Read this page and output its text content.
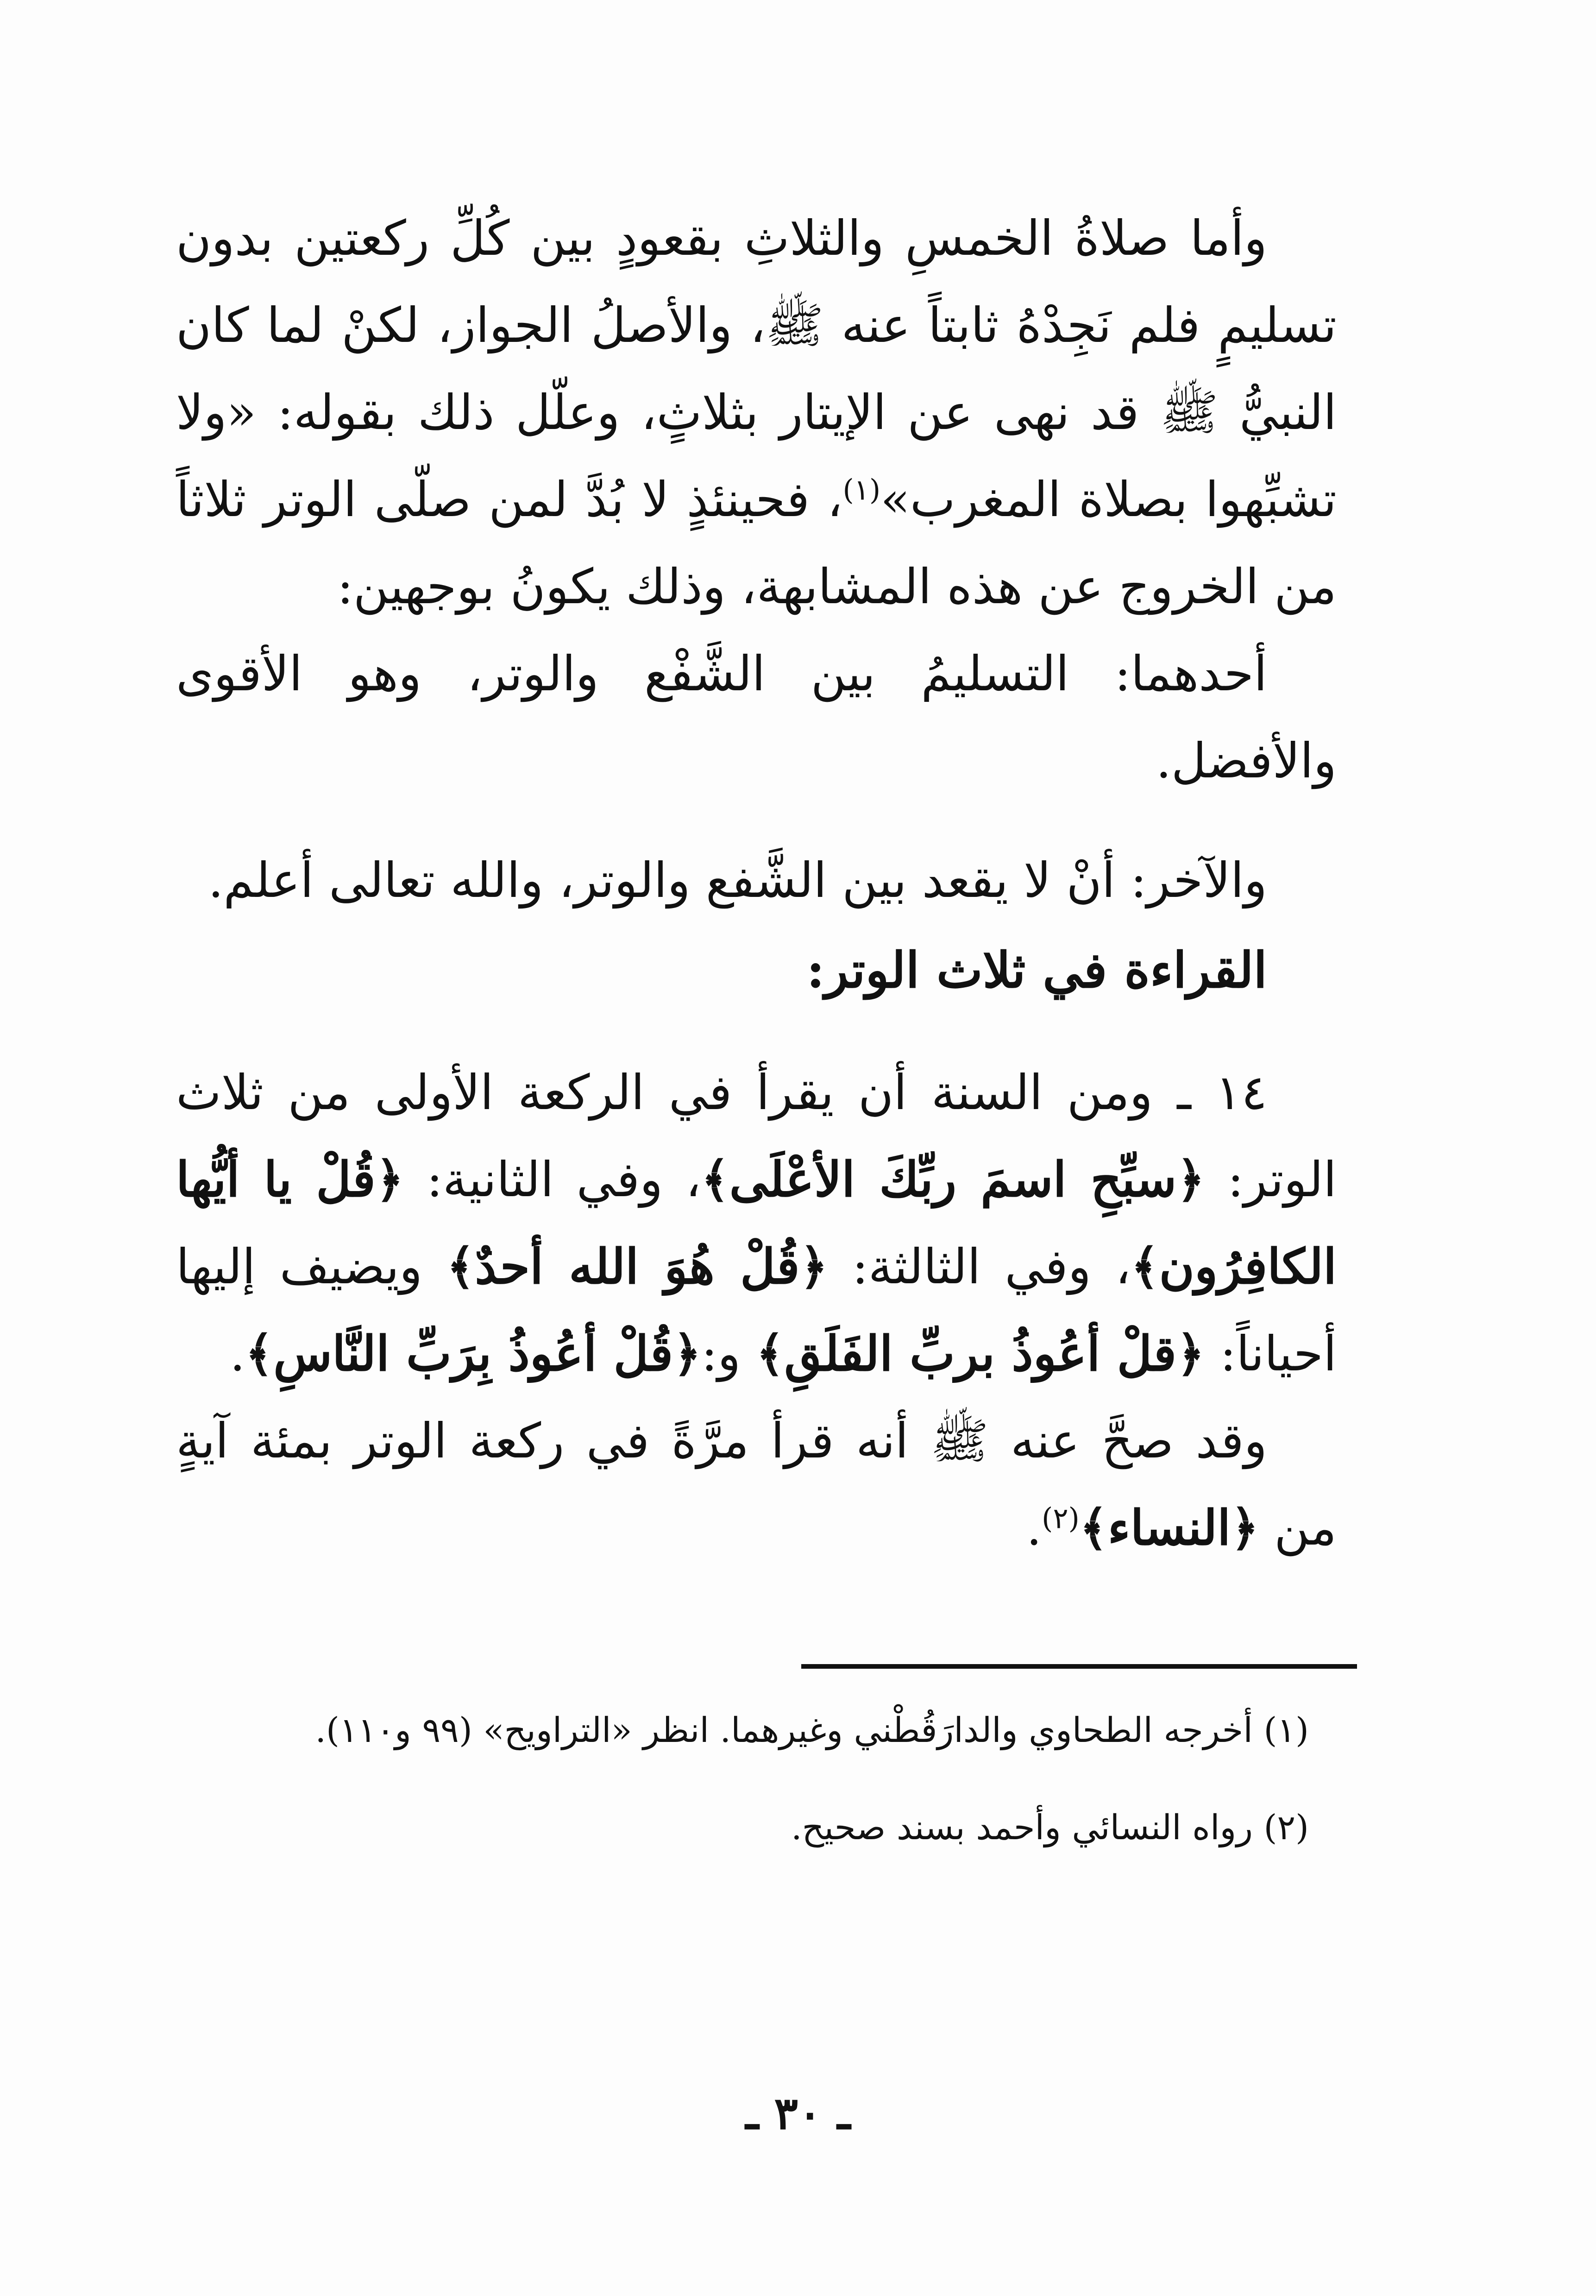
وأما صلاةُ الخمسِ والثلاثِ بقعودٍ بين كُلِّ ركعتين بدون تسليمٍ فلم نَجِدْهُ ثابتاً عنه ﷺ، والأصلُ الجواز، لكنْ لما كان النبيُّ ﷺ قد نهى عن الإيتار بثلاثٍ، وعلّل ذلك بقوله: «ولا تشبِّهوا بصلاة المغرب»$^{(١)}$، فحينئذٍ لا بُدَّ لمن صلّى الوتر ثلاثاً من الخروج عن هذه المشابهة، وذلك يكونُ بوجهين:

أحدهما: التسليمُ بين الشَّفْع والوتر، وهو الأقوى والأفضل.

والآخر: أنْ لا يقعد بين الشَّفع والوتر، والله تعالى أعلم.

القراءة في ثلاث الوتر:

١٤ ـ ومن السنة أن يقرأ في الركعة الأولى من ثلاث الوتر: ﴿سبِّحِ اسمَ ربِّكَ الأعْلَى﴾، وفي الثانية: ﴿قُلْ يا أيُّها الكافِرُون﴾، وفي الثالثة: ﴿قُلْ هُوَ الله أحدٌ﴾ ويضيف إليها أحياناً: ﴿قلْ أعُوذُ بربِّ الفَلَقِ﴾ و:﴿قُلْ أعُوذُ بِرَبِّ النَّاسِ﴾.

وقد صحَّ عنه ﷺ أنه قرأ مرَّةً في ركعة الوتر بمئة آيةٍ من ﴿النساء﴾$^{(٢)}$.

(١) أخرجه الطحاوي والدارَقُطْني وغيرهما. انظر «التراويح» (٩٩ و١١٠).

(٢) رواه النسائي وأحمد بسند صحيح.

ـ ٣٠ ـ
